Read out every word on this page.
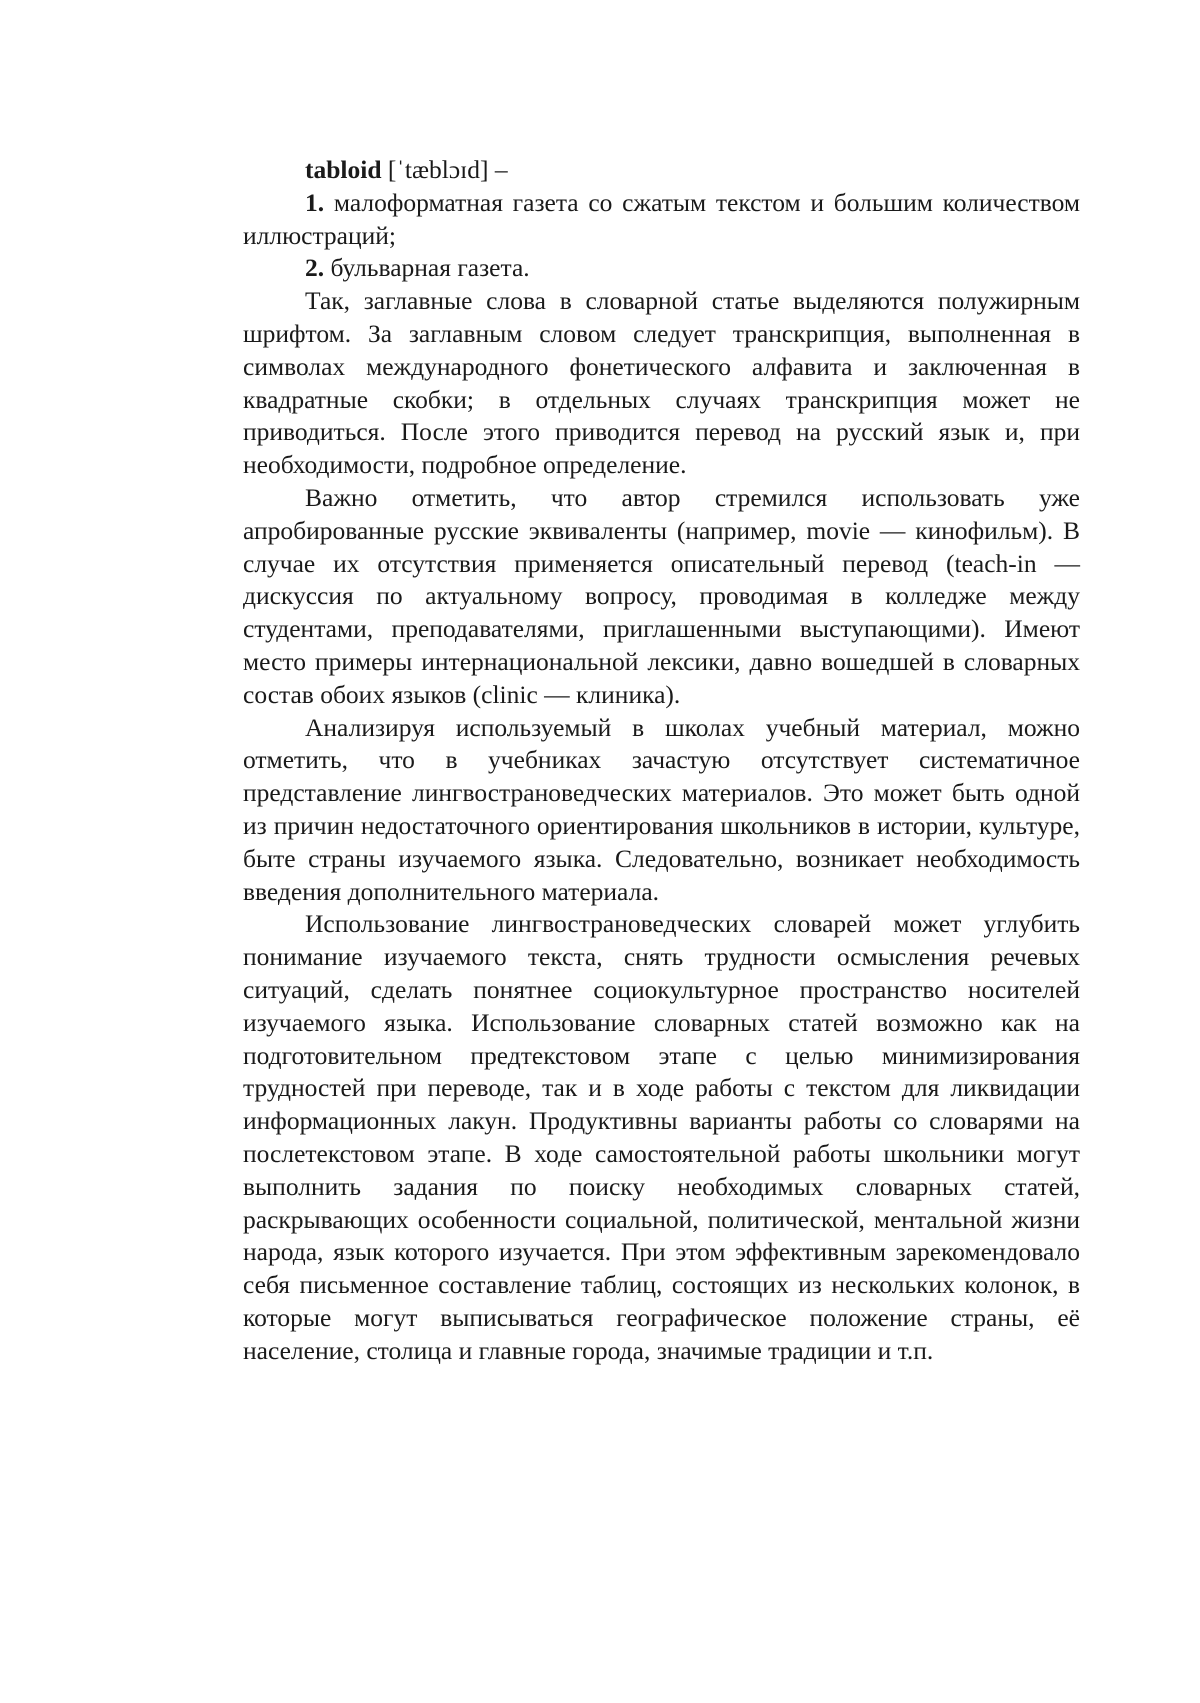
tabloid [ˈtæblɔɪd] –

1. малоформатная газета со сжатым текстом и большим количеством иллюстраций;

2. бульварная газета.

Так, заглавные слова в словарной статье выделяются полужирным шрифтом. За заглавным словом следует транскрипция, выполненная в символах международного фонетического алфавита и заключенная в квадратные скобки; в отдельных случаях транскрипция может не приводиться. После этого приводится перевод на русский язык и, при необходимости, подробное определение.

Важно отметить, что автор стремился использовать уже апробированные русские эквиваленты (например, movie — кинофильм). В случае их отсутствия применяется описательный перевод (teach-in — дискуссия по актуальному вопросу, проводимая в колледже между студентами, преподавателями, приглашенными выступающими). Имеют место примеры интернациональной лексики, давно вошедшей в словарных состав обоих языков (clinic — клиника).

Анализируя используемый в школах учебный материал, можно отметить, что в учебниках зачастую отсутствует систематичное представление лингвострановедческих материалов. Это может быть одной из причин недостаточного ориентирования школьников в истории, культуре, быте страны изучаемого языка. Следовательно, возникает необходимость введения дополнительного материала.

Использование лингвострановедческих словарей может углубить понимание изучаемого текста, снять трудности осмысления речевых ситуаций, сделать понятнее социокультурное пространство носителей изучаемого языка. Использование словарных статей возможно как на подготовительном предтекстовом этапе с целью минимизирования трудностей при переводе, так и в ходе работы с текстом для ликвидации информационных лакун. Продуктивны варианты работы со словарями на послетекстовом этапе. В ходе самостоятельной работы школьники могут выполнить задания по поиску необходимых словарных статей, раскрывающих особенности социальной, политической, ментальной жизни народа, язык которого изучается. При этом эффективным зарекомендовало себя письменное составление таблиц, состоящих из нескольких колонок, в которые могут выписываться географическое положение страны, её население, столица и главные города, значимые традиции и т.п.
